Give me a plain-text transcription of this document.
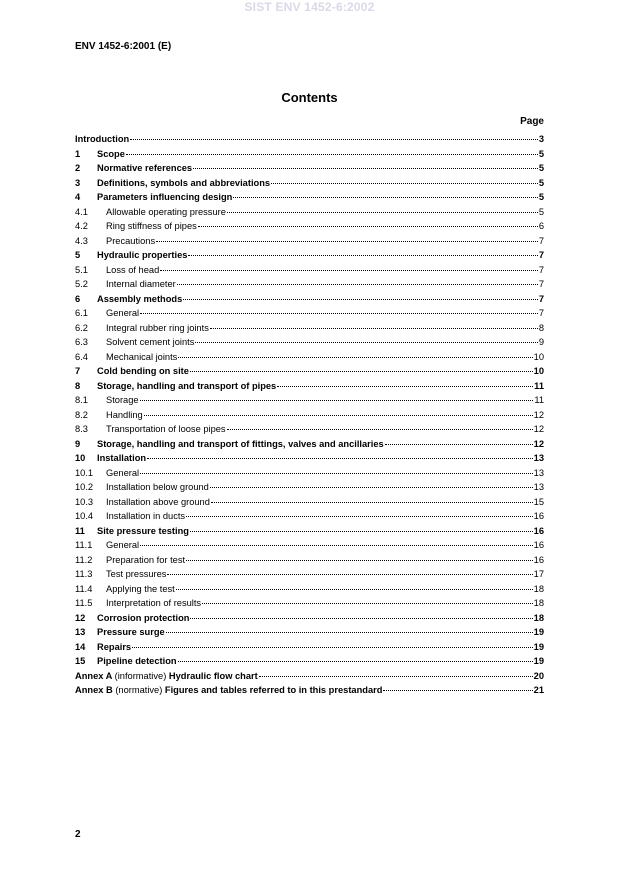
SIST ENV 1452-6:2002
ENV 1452-6:2001 (E)
Contents
Page
Introduction	3
1	Scope	5
2	Normative references	5
3	Definitions, symbols and abbreviations	5
4	Parameters influencing design	5
4.1	Allowable operating pressure	5
4.2	Ring stiffness of pipes	6
4.3	Precautions	7
5	Hydraulic properties	7
5.1	Loss of head	7
5.2	Internal diameter	7
6	Assembly methods	7
6.1	General	7
6.2	Integral rubber ring joints	8
6.3	Solvent cement joints	9
6.4	Mechanical joints	10
7	Cold bending on site	10
8	Storage, handling and transport of pipes	11
8.1	Storage	11
8.2	Handling	12
8.3	Transportation of loose pipes	12
9	Storage, handling and transport of fittings, valves and ancillaries	12
10	Installation	13
10.1	General	13
10.2	Installation below ground	13
10.3	Installation above ground	15
10.4	Installation in ducts	16
11	Site pressure testing	16
11.1	General	16
11.2	Preparation for test	16
11.3	Test pressures	17
11.4	Applying the test	18
11.5	Interpretation of results	18
12	Corrosion protection	18
13	Pressure surge	19
14	Repairs	19
15	Pipeline detection	19
Annex A (informative) Hydraulic flow chart	20
Annex B (normative) Figures and tables referred to in this prestandard	21
2
